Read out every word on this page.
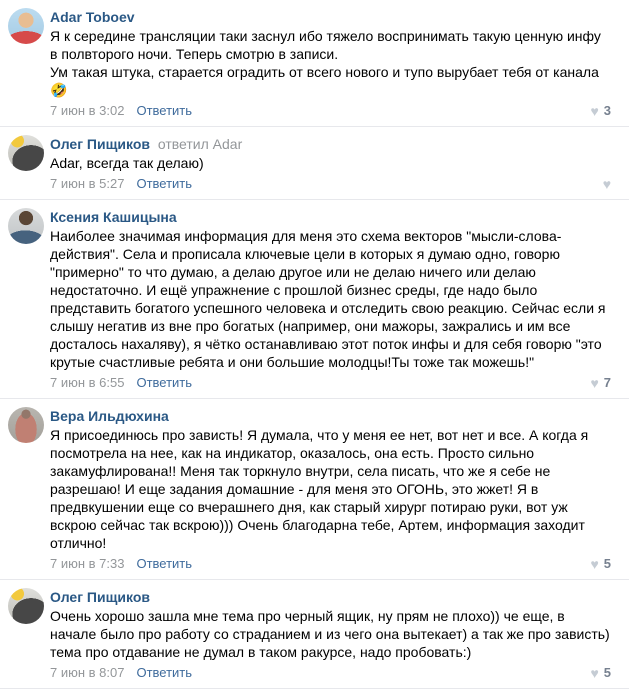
Adar Toboev
Я к середине трансляции таки заснул ибо тяжело воспринимать такую ценную инфу в полвторого ночи. Теперь смотрю в записи.
Ум такая штука, старается оградить от всего нового и тупо вырубает тебя от канала🤣
7 июн в 3:02 Ответить	♥ 3
Олег Пищиков ответил Adar
Adar, всегда так делаю)
7 июн в 5:27 Ответить	♥
Ксения Кашицына
Наиболее значимая информация для меня это схема векторов "мысли-слова-действия". Села и прописала ключевые цели в которых я думаю одно, говорю "примерно" то что думаю, а делаю другое или не делаю ничего или делаю недостаточно. И ещё упражнение с прошлой бизнес среды, где надо было представить богатого успешного человека и отследить свою реакцию. Сейчас если я слышу негатив из вне про богатых (например, они мажоры, зажрались и им все досталось нахаляву), я чётко останавливаю этот поток инфы и для себя говорю "это крутые счастливые ребята и они большие молодцы!Ты тоже так можешь!"
7 июн в 6:55 Ответить	♥ 7
Вера Ильдюхина
Я присоединюсь про зависть! Я думала, что у меня ее нет, вот нет и все. А когда я посмотрела на нее, как на индикатор, оказалось, она есть. Просто сильно закамуфлирована!! Меня так торкнуло внутри, села писать, что же я себе не разрешаю! И еще задания домашние - для меня это ОГОНЬ, это жжет! Я в предвкушении еще со вчерашнего дня, как старый хирург потираю руки, вот уж вскрою сейчас так вскрою))) Очень благодарна тебе, Артем, информация заходит отлично!
7 июн в 7:33 Ответить	♥ 5
Олег Пищиков
Очень хорошо зашла мне тема про черный ящик, ну прям не плохо)) че еще, в начале было про работу со страданием и из чего она вытекает) а так же про зависть) тема про отдавание не думал в таком ракурсе, надо пробовать:)
7 июн в 8:07 Ответить	♥ 5
